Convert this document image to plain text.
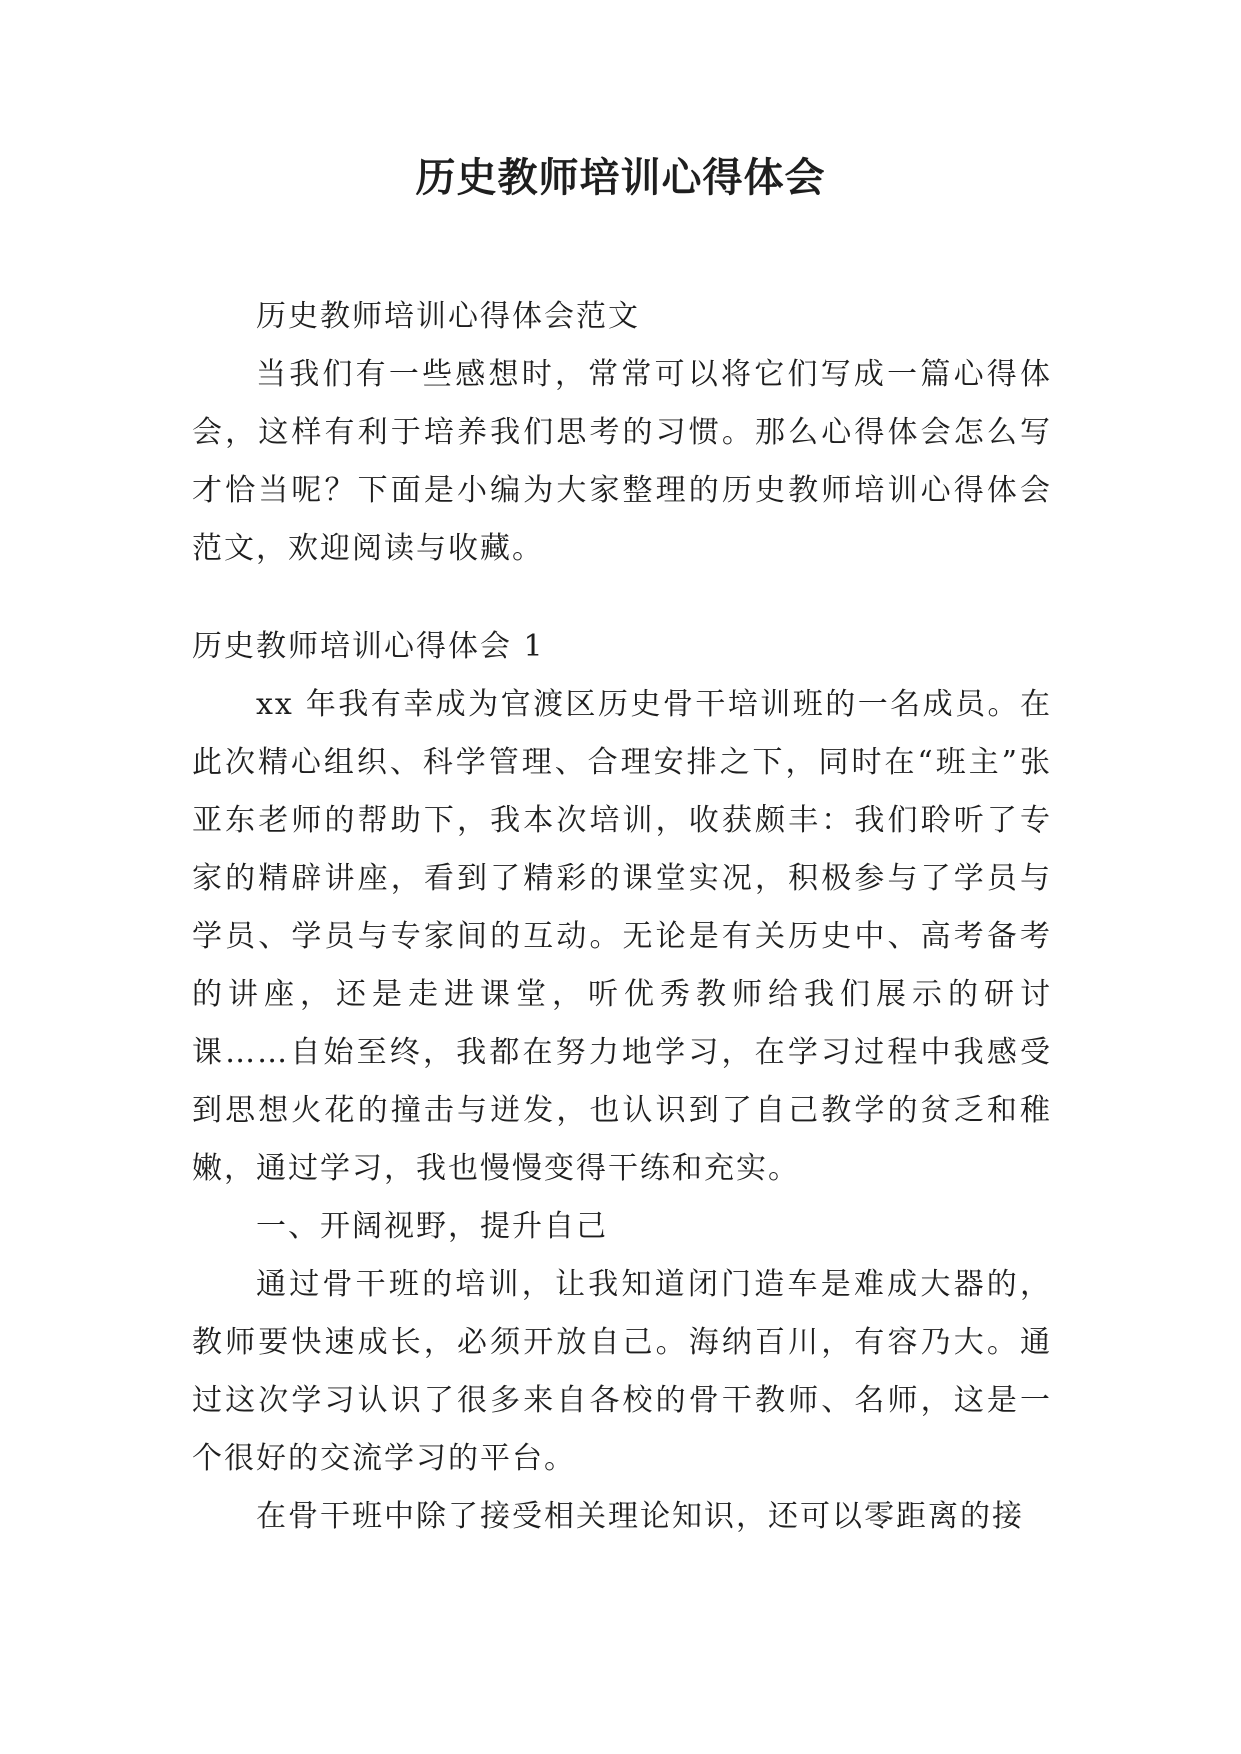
历史教师培训心得体会

历史教师培训心得体会范文

当我们有一些感想时，常常可以将它们写成一篇心得体会，这样有利于培养我们思考的习惯。那么心得体会怎么写才恰当呢？下面是小编为大家整理的历史教师培训心得体会范文，欢迎阅读与收藏。

历史教师培训心得体会 1

xx 年我有幸成为官渡区历史骨干培训班的一名成员。在此次精心组织、科学管理、合理安排之下，同时在“班主”张亚东老师的帮助下，我本次培训，收获颇丰：我们聆听了专家的精辟讲座，看到了精彩的课堂实况，积极参与了学员与学员、学员与专家间的互动。无论是有关历史中、高考备考的讲座，还是走进课堂，听优秀教师给我们展示的研讨课……自始至终，我都在努力地学习，在学习过程中我感受到思想火花的撞击与迸发，也认识到了自己教学的贫乏和稚嫩，通过学习，我也慢慢变得干练和充实。

一、开阔视野，提升自己

通过骨干班的培训，让我知道闭门造车是难成大器的，教师要快速成长，必须开放自己。海纳百川，有容乃大。通过这次学习认识了很多来自各校的骨干教师、名师，这是一个很好的交流学习的平台。

在骨干班中除了接受相关理论知识，还可以零距离的接
